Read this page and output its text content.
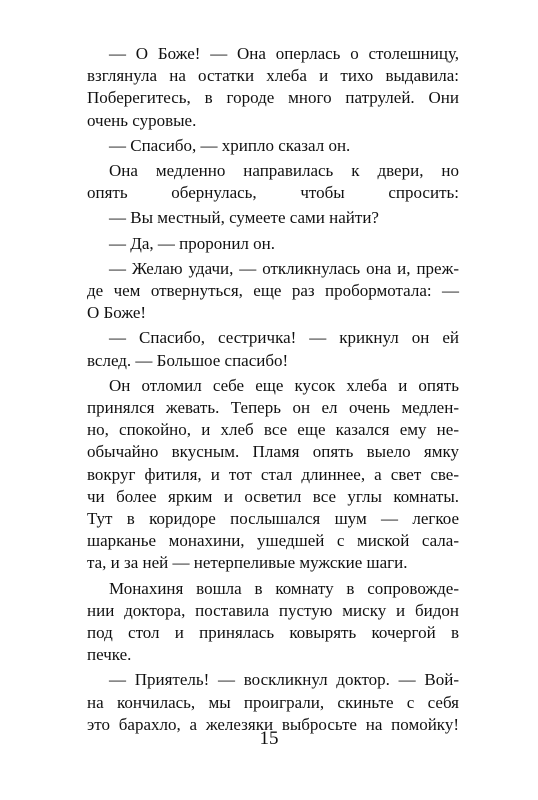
— О Боже! — Она оперлась о столешницу,
взглянула на остатки хлеба и тихо выдавила:
Поберегитесь, в городе много патрулей. Они
очень суровые.
— Спасибо, — хрипло сказал он.
Она медленно направилась к двери, но
опять обернулась, чтобы спросить:
— Вы местный, сумеете сами найти?
— Да, — проронил он.
— Желаю удачи, — откликнулась она и, преж-
де чем отвернуться, еще раз пробормотала: —
О Боже!
— Спасибо, сестричка! — крикнул он ей
вслед. — Большое спасибо!
Он отломил себе еще кусок хлеба и опять
принялся жевать. Теперь он ел очень медлен-
но, спокойно, и хлеб все еще казался ему не-
обычайно вкусным. Пламя опять выело ямку
вокруг фитиля, и тот стал длиннее, а свет све-
чи более ярким и осветил все углы комнаты.
Тут в коридоре послышался шум — легкое
шарканье монахини, ушедшей с миской сала-
та, и за ней — нетерпеливые мужские шаги.
Монахиня вошла в комнату в сопровожде-
нии доктора, поставила пустую миску и бидон
под стол и принялась ковырять кочергой в
печке.
— Приятель! — воскликнул доктор. — Вой-
на кончилась, мы проиграли, скиньте с себя
это барахло, а железяки выбросьте на помойку!
15
